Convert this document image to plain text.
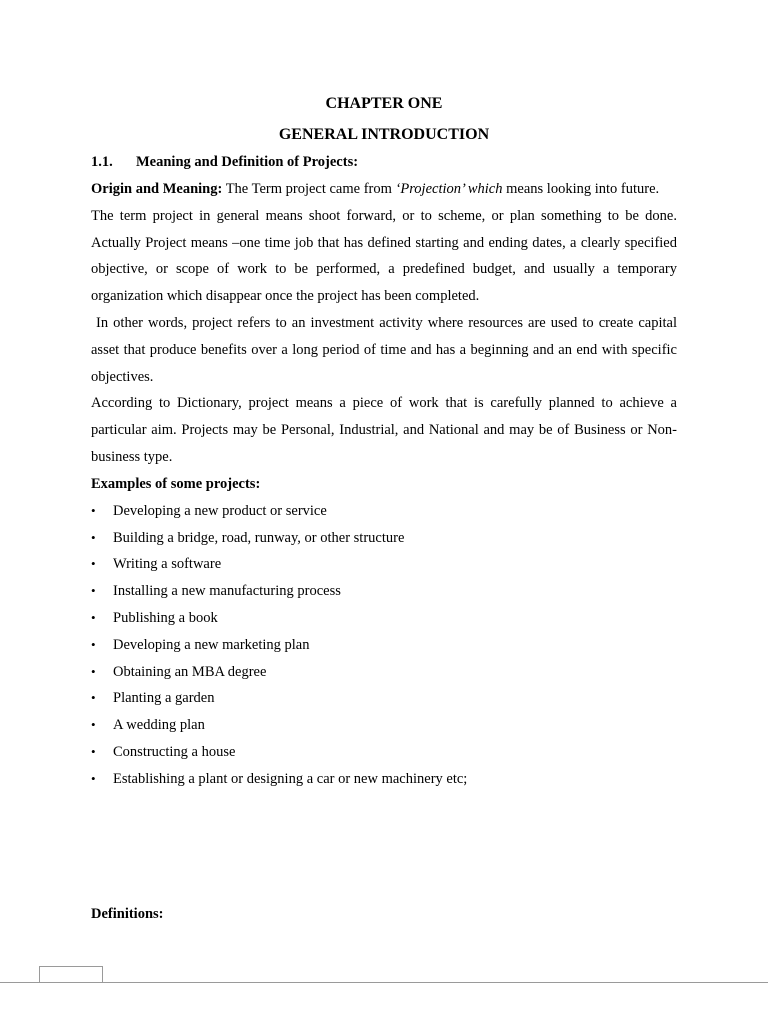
CHAPTER ONE
GENERAL INTRODUCTION
1.1. Meaning and Definition of Projects:

Origin and Meaning: The Term project came from ‘Projection’ which means looking into future.

The term project in general means shoot forward, or to scheme, or plan something to be done. Actually Project means –one time job that has defined starting and ending dates, a clearly specified objective, or scope of work to be performed, a predefined budget, and usually a temporary organization which disappear once the project has been completed.

In other words, project refers to an investment activity where resources are used to create capital asset that produce benefits over a long period of time and has a beginning and an end with specific objectives.

According to Dictionary, project means a piece of work that is carefully planned to achieve a particular aim. Projects may be Personal, Industrial, and National and may be of Business or Non-business type.

Examples of some projects:
• Developing a new product or service
• Building a bridge, road, runway, or other structure
• Writing a software
• Installing a new manufacturing process
• Publishing a book
• Developing a new marketing plan
• Obtaining an MBA degree
• Planting a garden
• A wedding plan
• Constructing a house
• Establishing a plant or designing a car or new machinery etc;
Definitions:
